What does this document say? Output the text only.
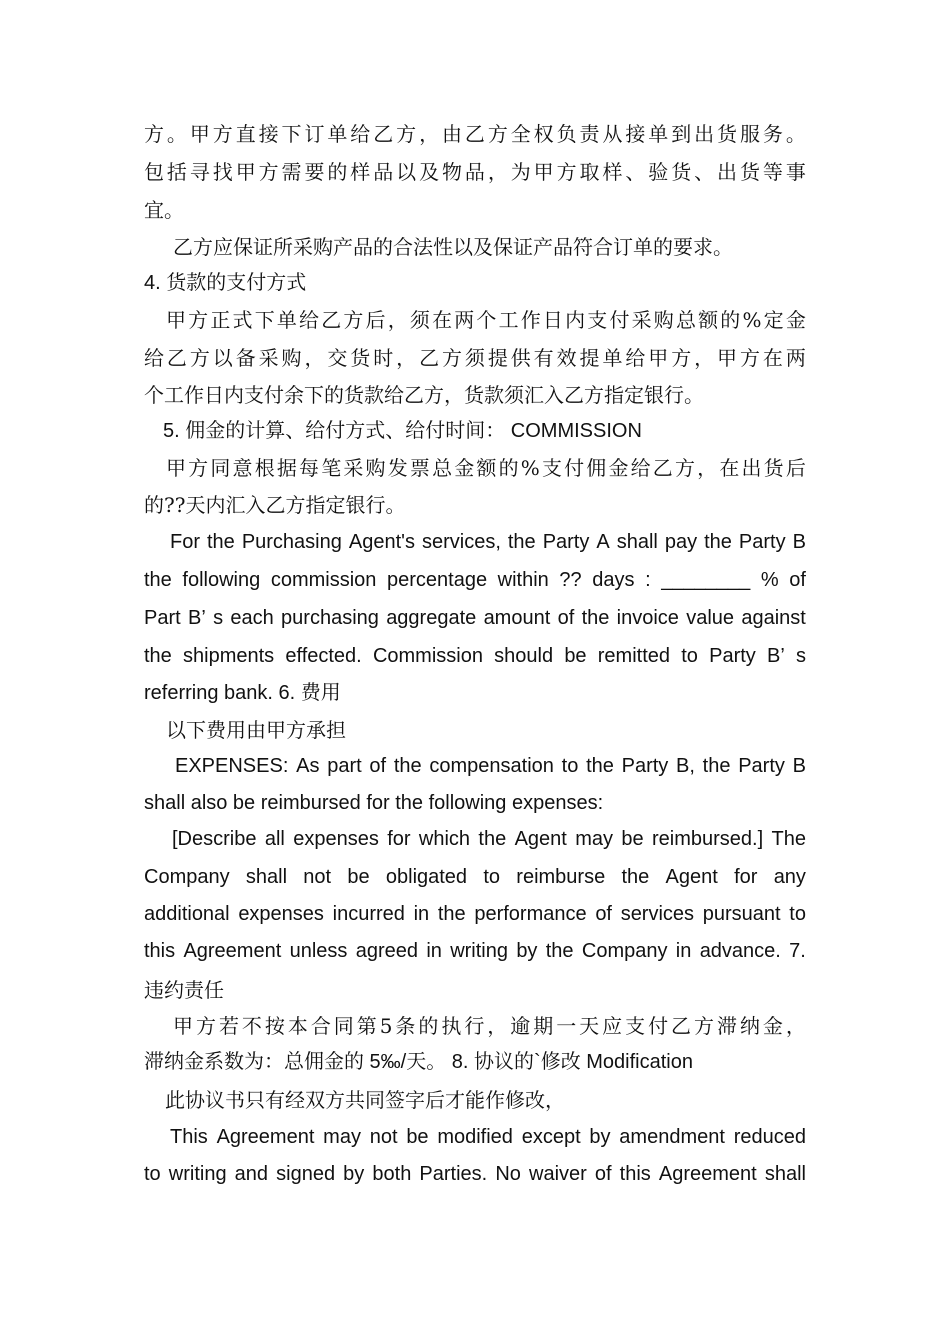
方 。 甲 方 直 接 下 订 单 给 乙 方 ， 由 乙 方 全 权 负 责 从 接 单 到 出 货 服 务 。
包 括 寻 找 甲 方 需 要 的 样 品 以 及 物 品 ， 为 甲 方 取 样 、 验 货 、 出 货 等 事
宜。
乙方应保证所采购产品的合法性以及保证产品符合订单的要求。
4. 货款的支付方式
甲 方 正 式 下 单 给 乙 方 后 ， 须 在 两 个 工 作 日 内 支 付 采 购 总 额 的 % 定 金
给 乙 方 以 备 采 购 ， 交 货 时 ， 乙 方 须 提 供 有 效 提 单 给 甲 方 ， 甲 方 在 两
个工作日内支付余下的货款给乙方，货款须汇入乙方指定银行。
5. 佣金的计算、给付方式、给付时间： COMMISSION
甲 方 同 意 根 据 每 笔 采 购 发 票 总 金 额 的 % 支 付 佣 金 给 乙 方 ， 在 出 货 后
的??天内汇入乙方指定银行。
For the Purchasing Agent's services, the Party A shall pay the Party B
the following commission percentage within ?? days : ________ % of
Part B’ s each purchasing aggregate amount of the invoice value against
the shipments effected. Commission should be remitted to Party B’ s
referring bank. 6. 费用
以下费用由甲方承担
EXPENSES: As part of the compensation to the Party B, the Party B
shall also be reimbursed for the following expenses:
[Describe all expenses for which the Agent may be reimbursed.] The
Company shall not be obligated to reimburse the Agent for any
additional expenses incurred in the performance of services pursuant to
this Agreement unless agreed in writing by the Company in advance. 7.
违约责任
甲 方 若 不 按 本 合 同 第 5 条 的 执 行 ， 逾 期 一 天 应 支 付 乙 方 滞 纳 金 ，
滞纳金系数为：总佣金的 5‰/天。 8. 协议的`修改 Modification
此协议书只有经双方共同签字后才能作修改，
This Agreement may not be modified except by amendment reduced
to writing and signed by both Parties. No waiver of this Agreement shall
